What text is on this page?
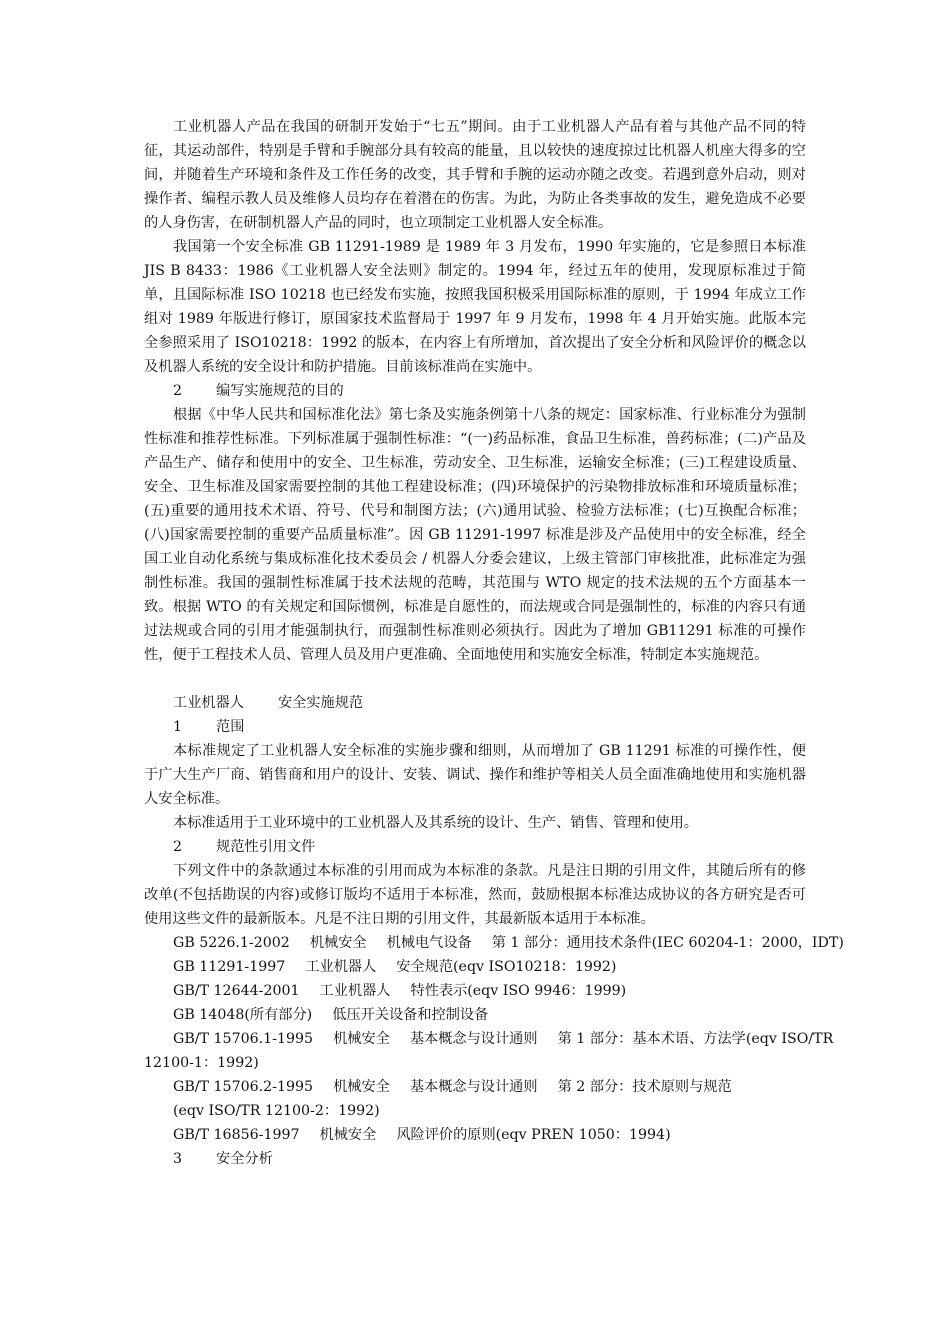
工业机器人产品在我国的研制开发始于“七五”期间。由于工业机器人产品有着与其他产品不同的特征，其运动部件，特别是手臂和手腕部分具有较高的能量，且以较快的速度掠过比机器人机座大得多的空间，并随着生产环境和条件及工作任务的改变，其手臂和手腕的运动亦随之改变。若遇到意外启动，则对操作者、编程示教人员及维修人员均存在着潜在的伤害。为此，为防止各类事故的发生，避免造成不必要的人身伤害，在研制机器人产品的同时，也立项制定工业机器人安全标准。

我国第一个安全标准 GB 11291-1989 是 1989 年 3 月发布，1990 年实施的，它是参照日本标准 JIS B 8433：1986《工业机器人安全法则》制定的。1994 年，经过五年的使用，发现原标准过于简单，且国际标准 ISO 10218 也已经发布实施，按照我国积极采用国际标准的原则，于 1994 年成立工作组对 1989 年版进行修订，原国家技术监督局于 1997 年 9 月发布，1998 年 4 月开始实施。此版本完全参照采用了 ISO10218：1992 的版本，在内容上有所增加，首次提出了安全分析和风险评价的概念以及机器人系统的安全设计和防护措施。目前该标准尚在实施中。

2 编写实施规范的目的

根据《中华人民共和国标准化法》第七条及实施条例第十八条的规定：国家标准、行业标准分为强制性标准和推荐性标准。下列标准属于强制性标准：“(一)药品标准，食品卫生标准，兽药标准；(二)产品及产品生产、储存和使用中的安全、卫生标准，劳动安全、卫生标准，运输安全标准；(三)工程建设质量、安全、卫生标准及国家需要控制的其他工程建设标准；(四)环境保护的污染物排放标准和环境质量标准；(五)重要的通用技术术语、符号、代号和制图方法；(六)通用试验、检验方法标准；(七)互换配合标准；(八)国家需要控制的重要产品质量标准”。因 GB 11291-1997 标准是涉及产品使用中的安全标准，经全国工业自动化系统与集成标准化技术委员会 / 机器人分委会建议，上级主管部门审核批准，此标准定为强制性标准。我国的强制性标准属于技术法规的范畴，其范围与 WTO 规定的技术法规的五个方面基本一致。根据 WTO 的有关规定和国际惯例，标准是自愿性的，而法规或合同是强制性的，标准的内容只有通过法规或合同的引用才能强制执行，而强制性标准则必须执行。因此为了增加 GB11291 标准的可操作性，便于工程技术人员、管理人员及用户更准确、全面地使用和实施安全标准，特制定本实施规范。

工业机器人 安全实施规范

1 范围

本标准规定了工业机器人安全标准的实施步骤和细则，从而增加了 GB 11291 标准的可操作性，便于广大生产厂商、销售商和用户的设计、安装、调试、操作和维护等相关人员全面准确地使用和实施机器人安全标准。

本标准适用于工业环境中的工业机器人及其系统的设计、生产、销售、管理和使用。

2 规范性引用文件

下列文件中的条款通过本标准的引用而成为本标准的条款。凡是注日期的引用文件，其随后所有的修改单(不包括勘误的内容)或修订版均不适用于本标准，然而，鼓励根据本标准达成协议的各方研究是否可使用这些文件的最新版本。凡是不注日期的引用文件，其最新版本适用于本标准。

GB 5226.1-2002 机械安全 机械电气设备 第 1 部分：通用技术条件(IEC 60204-1：2000，IDT)

GB 11291-1997 工业机器人 安全规范(eqv ISO10218：1992)

GB/T 12644-2001 工业机器人 特性表示(eqv ISO 9946：1999)

GB 14048(所有部分) 低压开关设备和控制设备

GB/T 15706.1-1995 机械安全 基本概念与设计通则 第 1 部分：基本术语、方法学(eqv ISO/TR

12100-1：1992)

GB/T 15706.2-1995 机械安全 基本概念与设计通则 第 2 部分：技术原则与规范

(eqv ISO/TR 12100-2：1992)

GB/T 16856-1997 机械安全 风险评价的原则(eqv PREN 1050：1994)

3 安全分析
